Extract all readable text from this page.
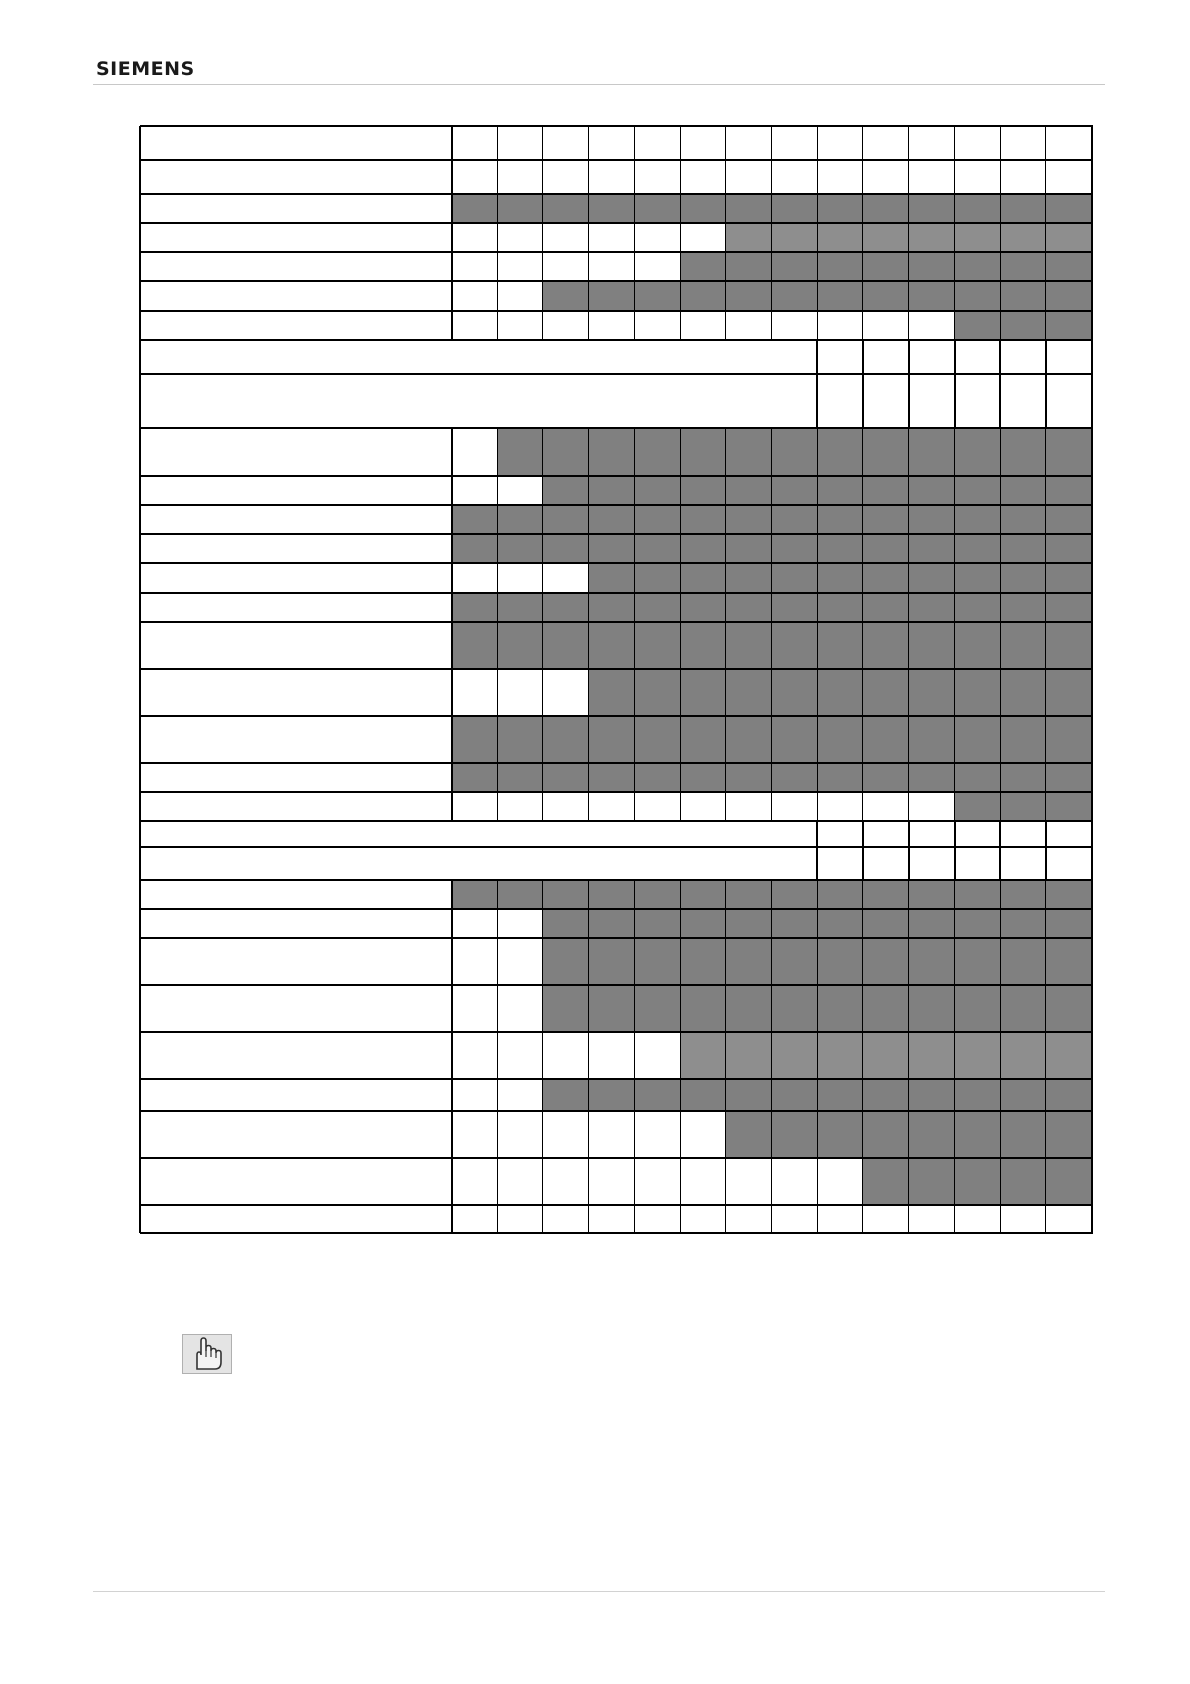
SIEMENS
